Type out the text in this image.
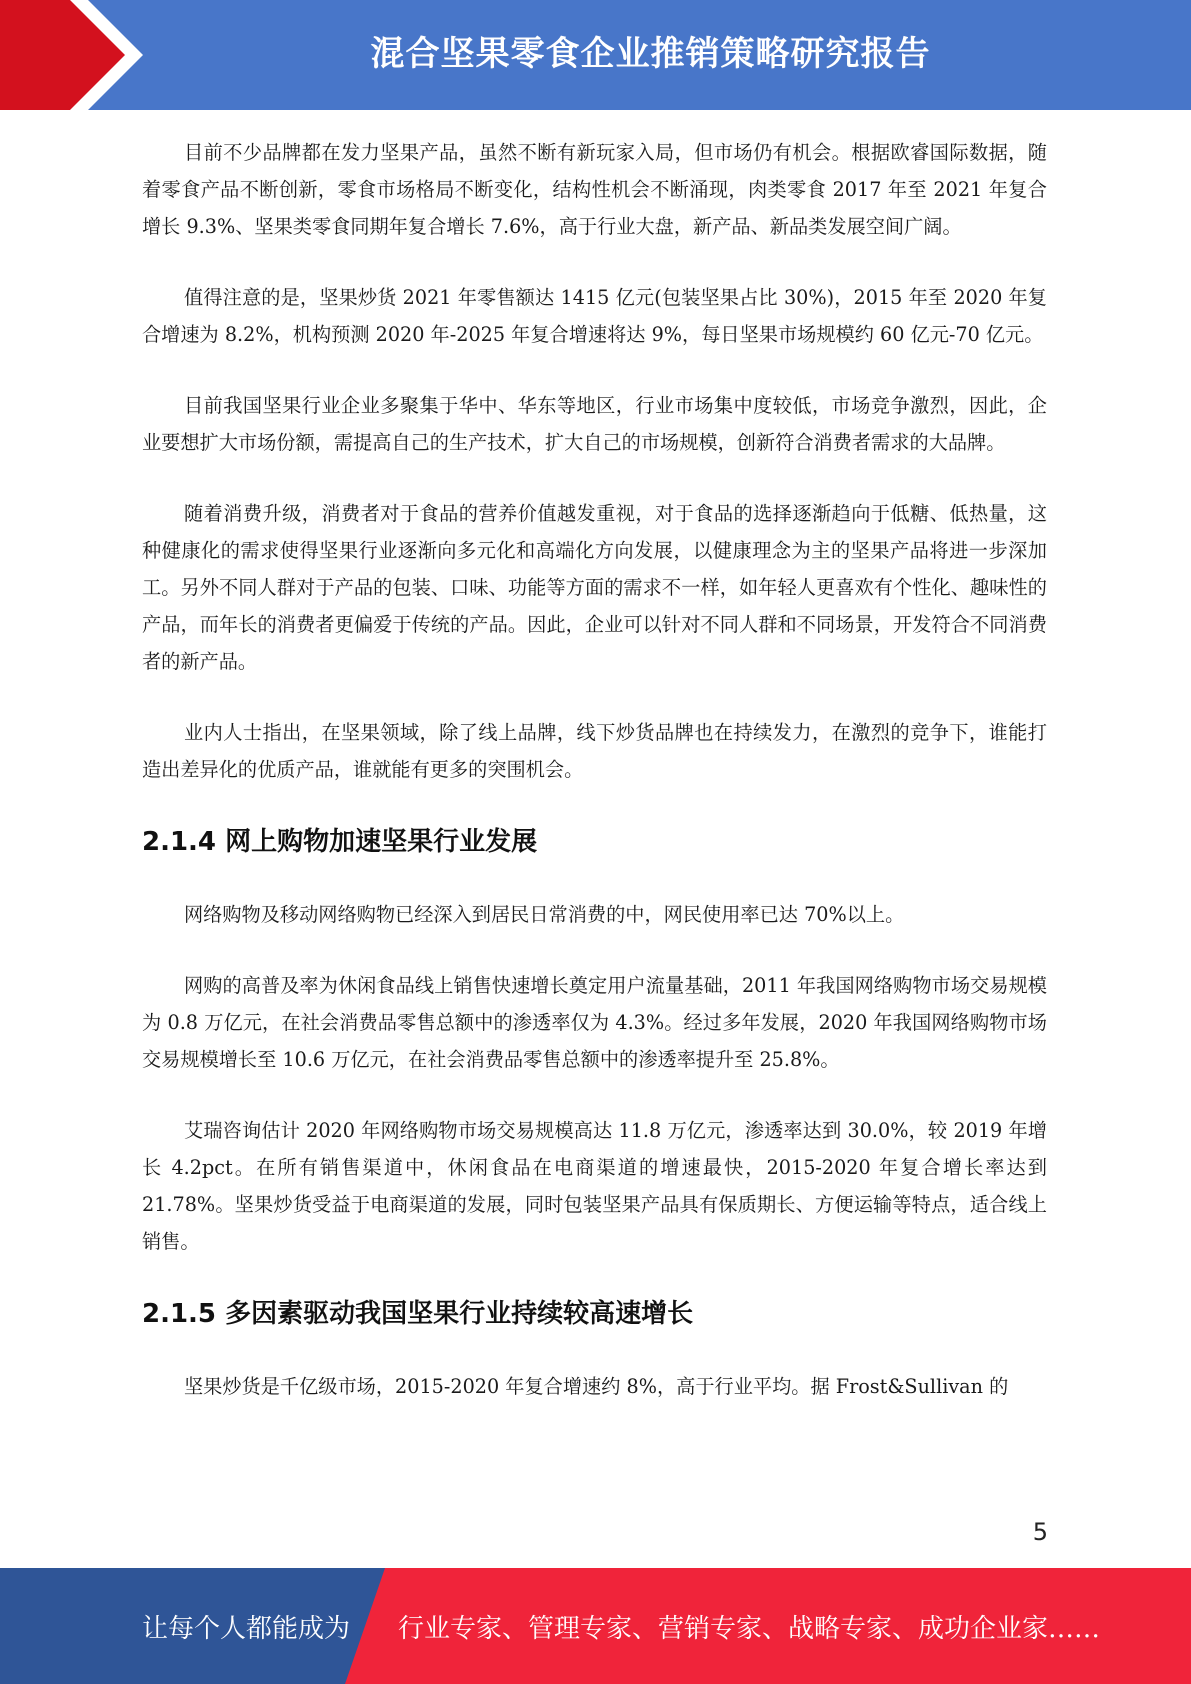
混合坚果零食企业推销策略研究报告

目前不少品牌都在发力坚果产品，虽然不断有新玩家入局，但市场仍有机会。根据欧睿国际数据，随着零食产品不断创新，零食市场格局不断变化，结构性机会不断涌现，肉类零食 2017 年至 2021 年复合增长 9.3%、坚果类零食同期年复合增长 7.6%，高于行业大盘，新产品、新品类发展空间广阔。

值得注意的是，坚果炒货 2021 年零售额达 1415 亿元(包装坚果占比 30%)，2015 年至 2020 年复合增速为 8.2%，机构预测 2020 年-2025 年复合增速将达 9%，每日坚果市场规模约 60 亿元-70 亿元。

目前我国坚果行业企业多聚集于华中、华东等地区，行业市场集中度较低，市场竞争激烈，因此，企业要想扩大市场份额，需提高自己的生产技术，扩大自己的市场规模，创新符合消费者需求的大品牌。

随着消费升级，消费者对于食品的营养价值越发重视，对于食品的选择逐渐趋向于低糖、低热量，这种健康化的需求使得坚果行业逐渐向多元化和高端化方向发展，以健康理念为主的坚果产品将进一步深加工。另外不同人群对于产品的包装、口味、功能等方面的需求不一样，如年轻人更喜欢有个性化、趣味性的产品，而年长的消费者更偏爱于传统的产品。因此，企业可以针对不同人群和不同场景，开发符合不同消费者的新产品。

业内人士指出，在坚果领域，除了线上品牌，线下炒货品牌也在持续发力，在激烈的竞争下，谁能打造出差异化的优质产品，谁就能有更多的突围机会。

2.1.4 网上购物加速坚果行业发展

网络购物及移动网络购物已经深入到居民日常消费的中，网民使用率已达 70%以上。

网购的高普及率为休闲食品线上销售快速增长奠定用户流量基础，2011 年我国网络购物市场交易规模为 0.8 万亿元，在社会消费品零售总额中的渗透率仅为 4.3%。经过多年发展，2020 年我国网络购物市场交易规模增长至 10.6 万亿元，在社会消费品零售总额中的渗透率提升至 25.8%。

艾瑞咨询估计 2020 年网络购物市场交易规模高达 11.8 万亿元，渗透率达到 30.0%，较 2019 年增长 4.2pct。在所有销售渠道中，休闲食品在电商渠道的增速最快，2015-2020 年复合增长率达到 21.78%。坚果炒货受益于电商渠道的发展，同时包装坚果产品具有保质期长、方便运输等特点，适合线上销售。

2.1.5 多因素驱动我国坚果行业持续较高速增长

坚果炒货是千亿级市场，2015-2020 年复合增速约 8%，高于行业平均。据 Frost&Sullivan 的

5
让每个人都能成为 行业专家、管理专家、营销专家、战略专家、成功企业家……
